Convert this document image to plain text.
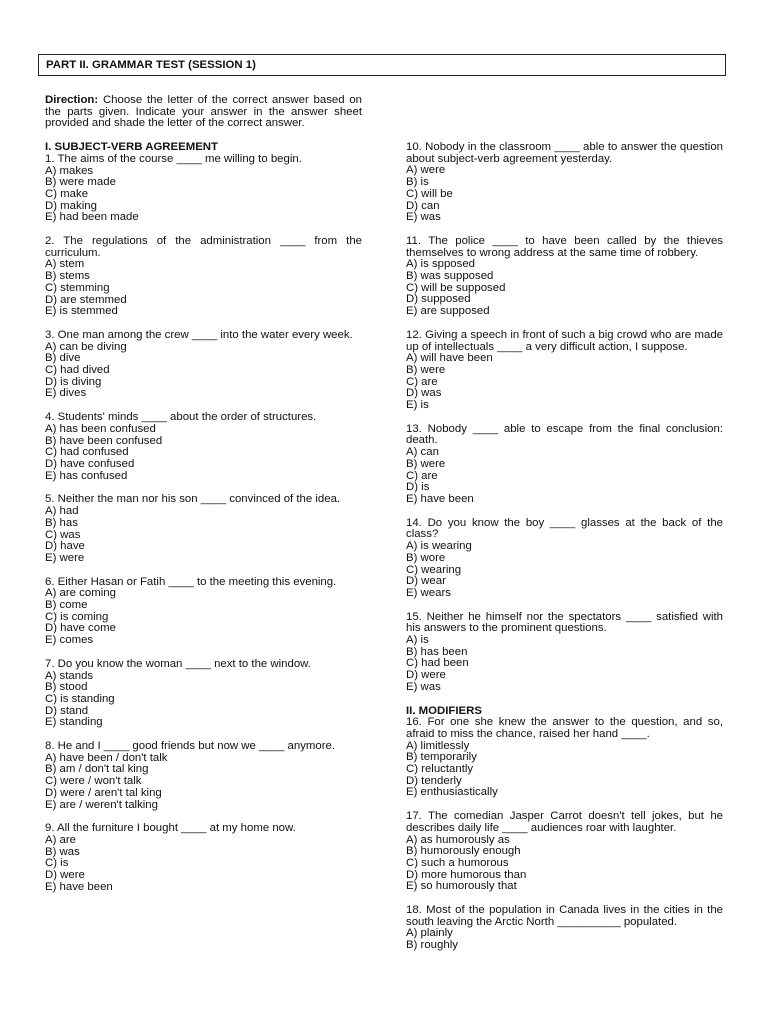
PART II. GRAMMAR TEST (SESSION 1)
Direction: Choose the letter of the correct answer based on the parts given. Indicate your answer in the answer sheet provided and shade the letter of the correct answer.
I. SUBJECT-VERB AGREEMENT
1. The aims of the course ____ me willing to begin.
A) makes
B) were made
C) make
D) making
E) had been made
2. The regulations of the administration ____ from the curriculum.
A) stem
B) stems
C) stemming
D) are stemmed
E) is stemmed
3. One man among the crew ____ into the water every week.
A) can be diving
B) dive
C) had dived
D) is diving
E) dives
4. Students' minds ____ about the order of structures.
A) has been confused
B) have been confused
C) had confused
D) have confused
E) has confused
5. Neither the man nor his son ____ convinced of the idea.
A) had
B) has
C) was
D) have
E) were
6. Either Hasan or Fatih ____ to the meeting this evening.
A) are coming
B) come
C) is coming
D) have come
E) comes
7. Do you know the woman ____ next to the window.
A) stands
B) stood
C) is standing
D) stand
E) standing
8. He and I ____ good friends but now we ____ anymore.
A) have been / don't talk
B) am / don't tal king
C) were / won't talk
D) were / aren't tal king
E) are / weren't talking
9. All the furniture I bought ____ at my home now.
A) are
B) was
C) is
D) were
E) have been
10. Nobody in the classroom ____ able to answer the question about subject-verb agreement yesterday.
A) were
B) is
C) will be
D) can
E) was
11. The police ____ to have been called by the thieves themselves to wrong address at the same time of robbery.
A) is spposed
B) was supposed
C) will be supposed
D) supposed
E) are supposed
12. Giving a speech in front of such a big crowd who are made up of intellectuals ____ a very difficult action, I suppose.
A) will have been
B) were
C) are
D) was
E) is
13. Nobody ____ able to escape from the final conclusion: death.
A) can
B) were
C) are
D) is
E) have been
14. Do you know the boy ____ glasses at the back of the class?
A) is wearing
B) wore
C) wearing
D) wear
E) wears
15. Neither he himself nor the spectators ____ satisfied with his answers to the prominent questions.
A) is
B) has been
C) had been
D) were
E) was
II. MODIFIERS
16. For one she knew the answer to the question, and so, afraid to miss the chance, raised her hand ____.
A) limitlessly
B) temporarily
C) reluctantly
D) tenderly
E) enthusiastically
17. The comedian Jasper Carrot doesn't tell jokes, but he describes daily life ____ audiences roar with laughter.
A) as humorously as
B) humorously enough
C) such a humorous
D) more humorous than
E) so humorously that
18. Most of the population in Canada lives in the cities in the south leaving the Arctic North __________ populated.
A) plainly
B) roughly
